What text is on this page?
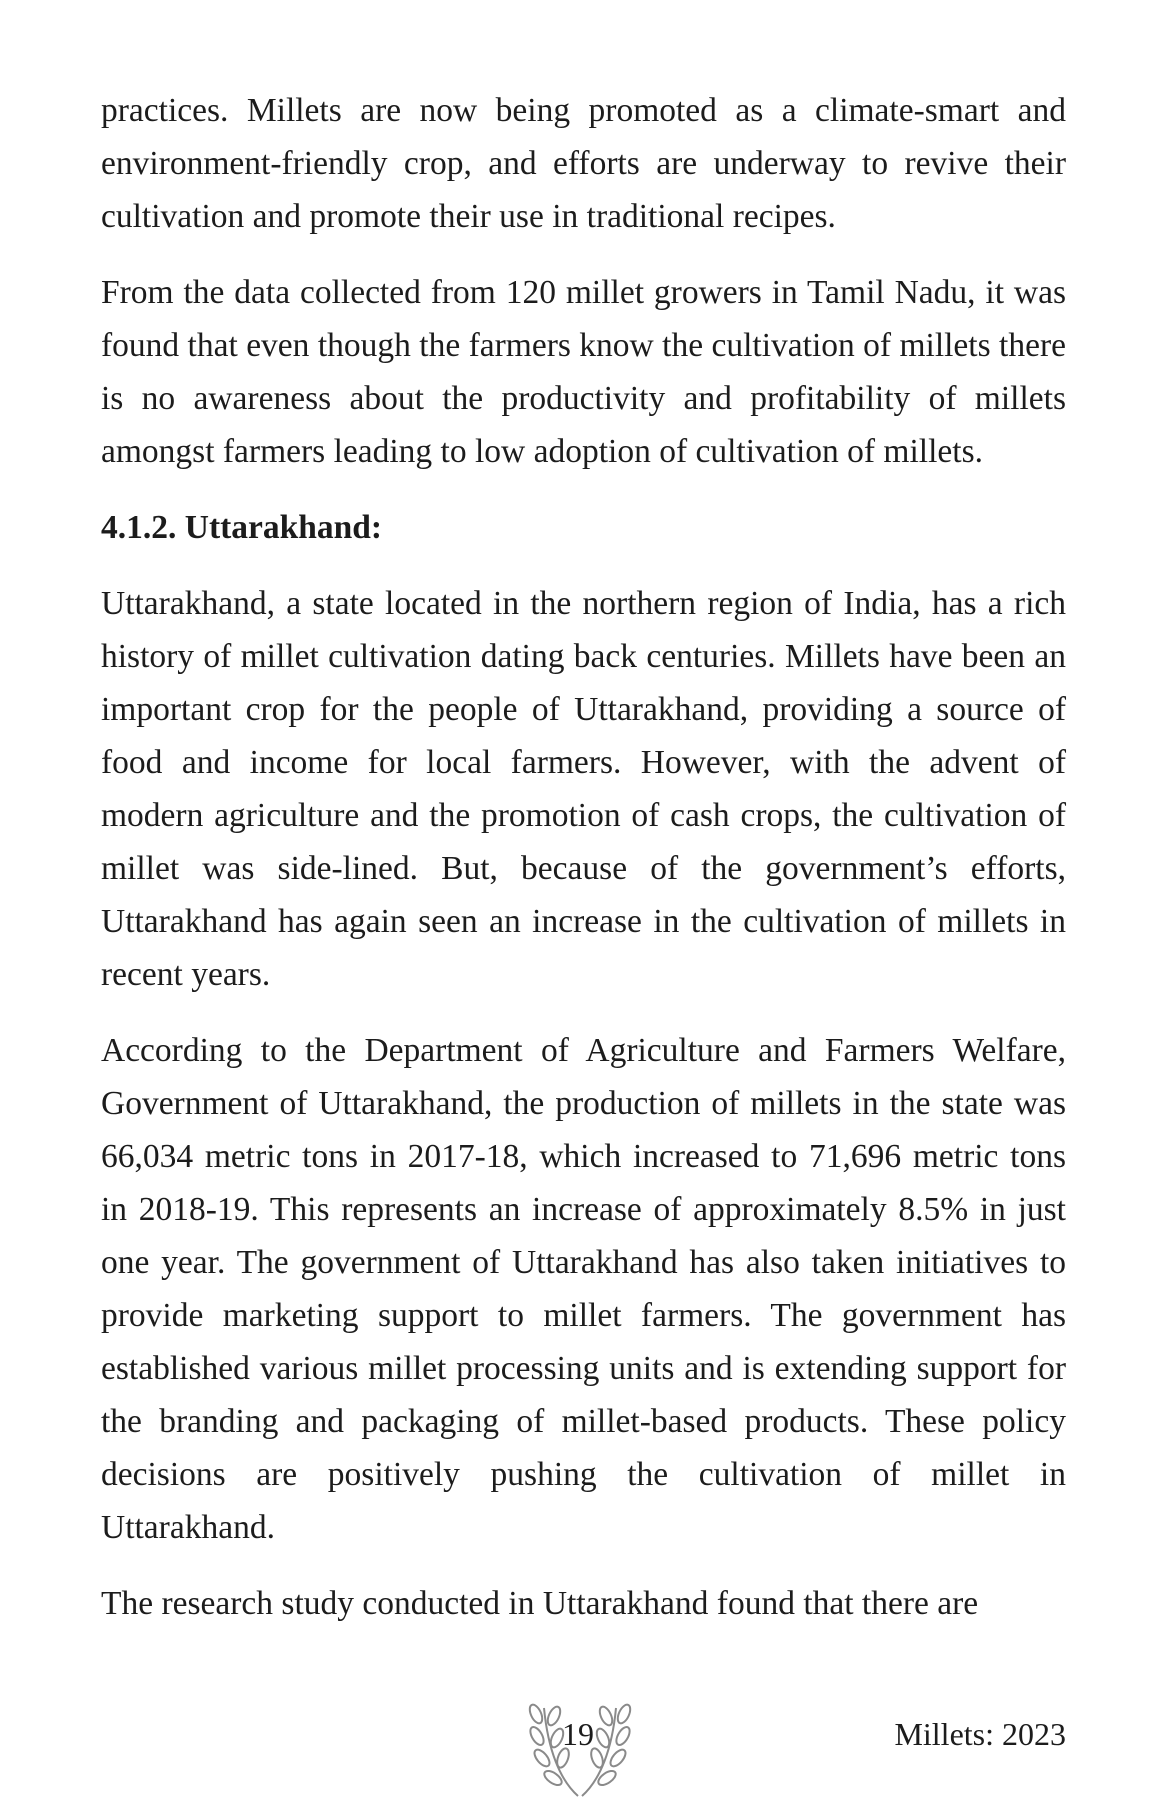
practices. Millets are now being promoted as a climate-smart and environment-friendly crop, and efforts are underway to revive their cultivation and promote their use in traditional recipes.

From the data collected from 120 millet growers in Tamil Nadu, it was found that even though the farmers know the cultivation of millets there is no awareness about the productivity and profitability of millets amongst farmers leading to low adoption of cultivation of millets.

4.1.2. Uttarakhand:

Uttarakhand, a state located in the northern region of India, has a rich history of millet cultivation dating back centuries. Millets have been an important crop for the people of Uttarakhand, providing a source of food and income for local farmers. However, with the advent of modern agriculture and the promotion of cash crops, the cultivation of millet was side-lined. But, because of the government’s efforts, Uttarakhand has again seen an increase in the cultivation of millets in recent years.

According to the Department of Agriculture and Farmers Welfare, Government of Uttarakhand, the production of millets in the state was 66,034 metric tons in 2017-18, which increased to 71,696 metric tons in 2018-19. This represents an increase of approximately 8.5% in just one year. The government of Uttarakhand has also taken initiatives to provide marketing support to millet farmers. The government has established various millet processing units and is extending support for the branding and packaging of millet-based products. These policy decisions are positively pushing the cultivation of millet in Uttarakhand.

The research study conducted in Uttarakhand found that there are

19	Millets: 2023
